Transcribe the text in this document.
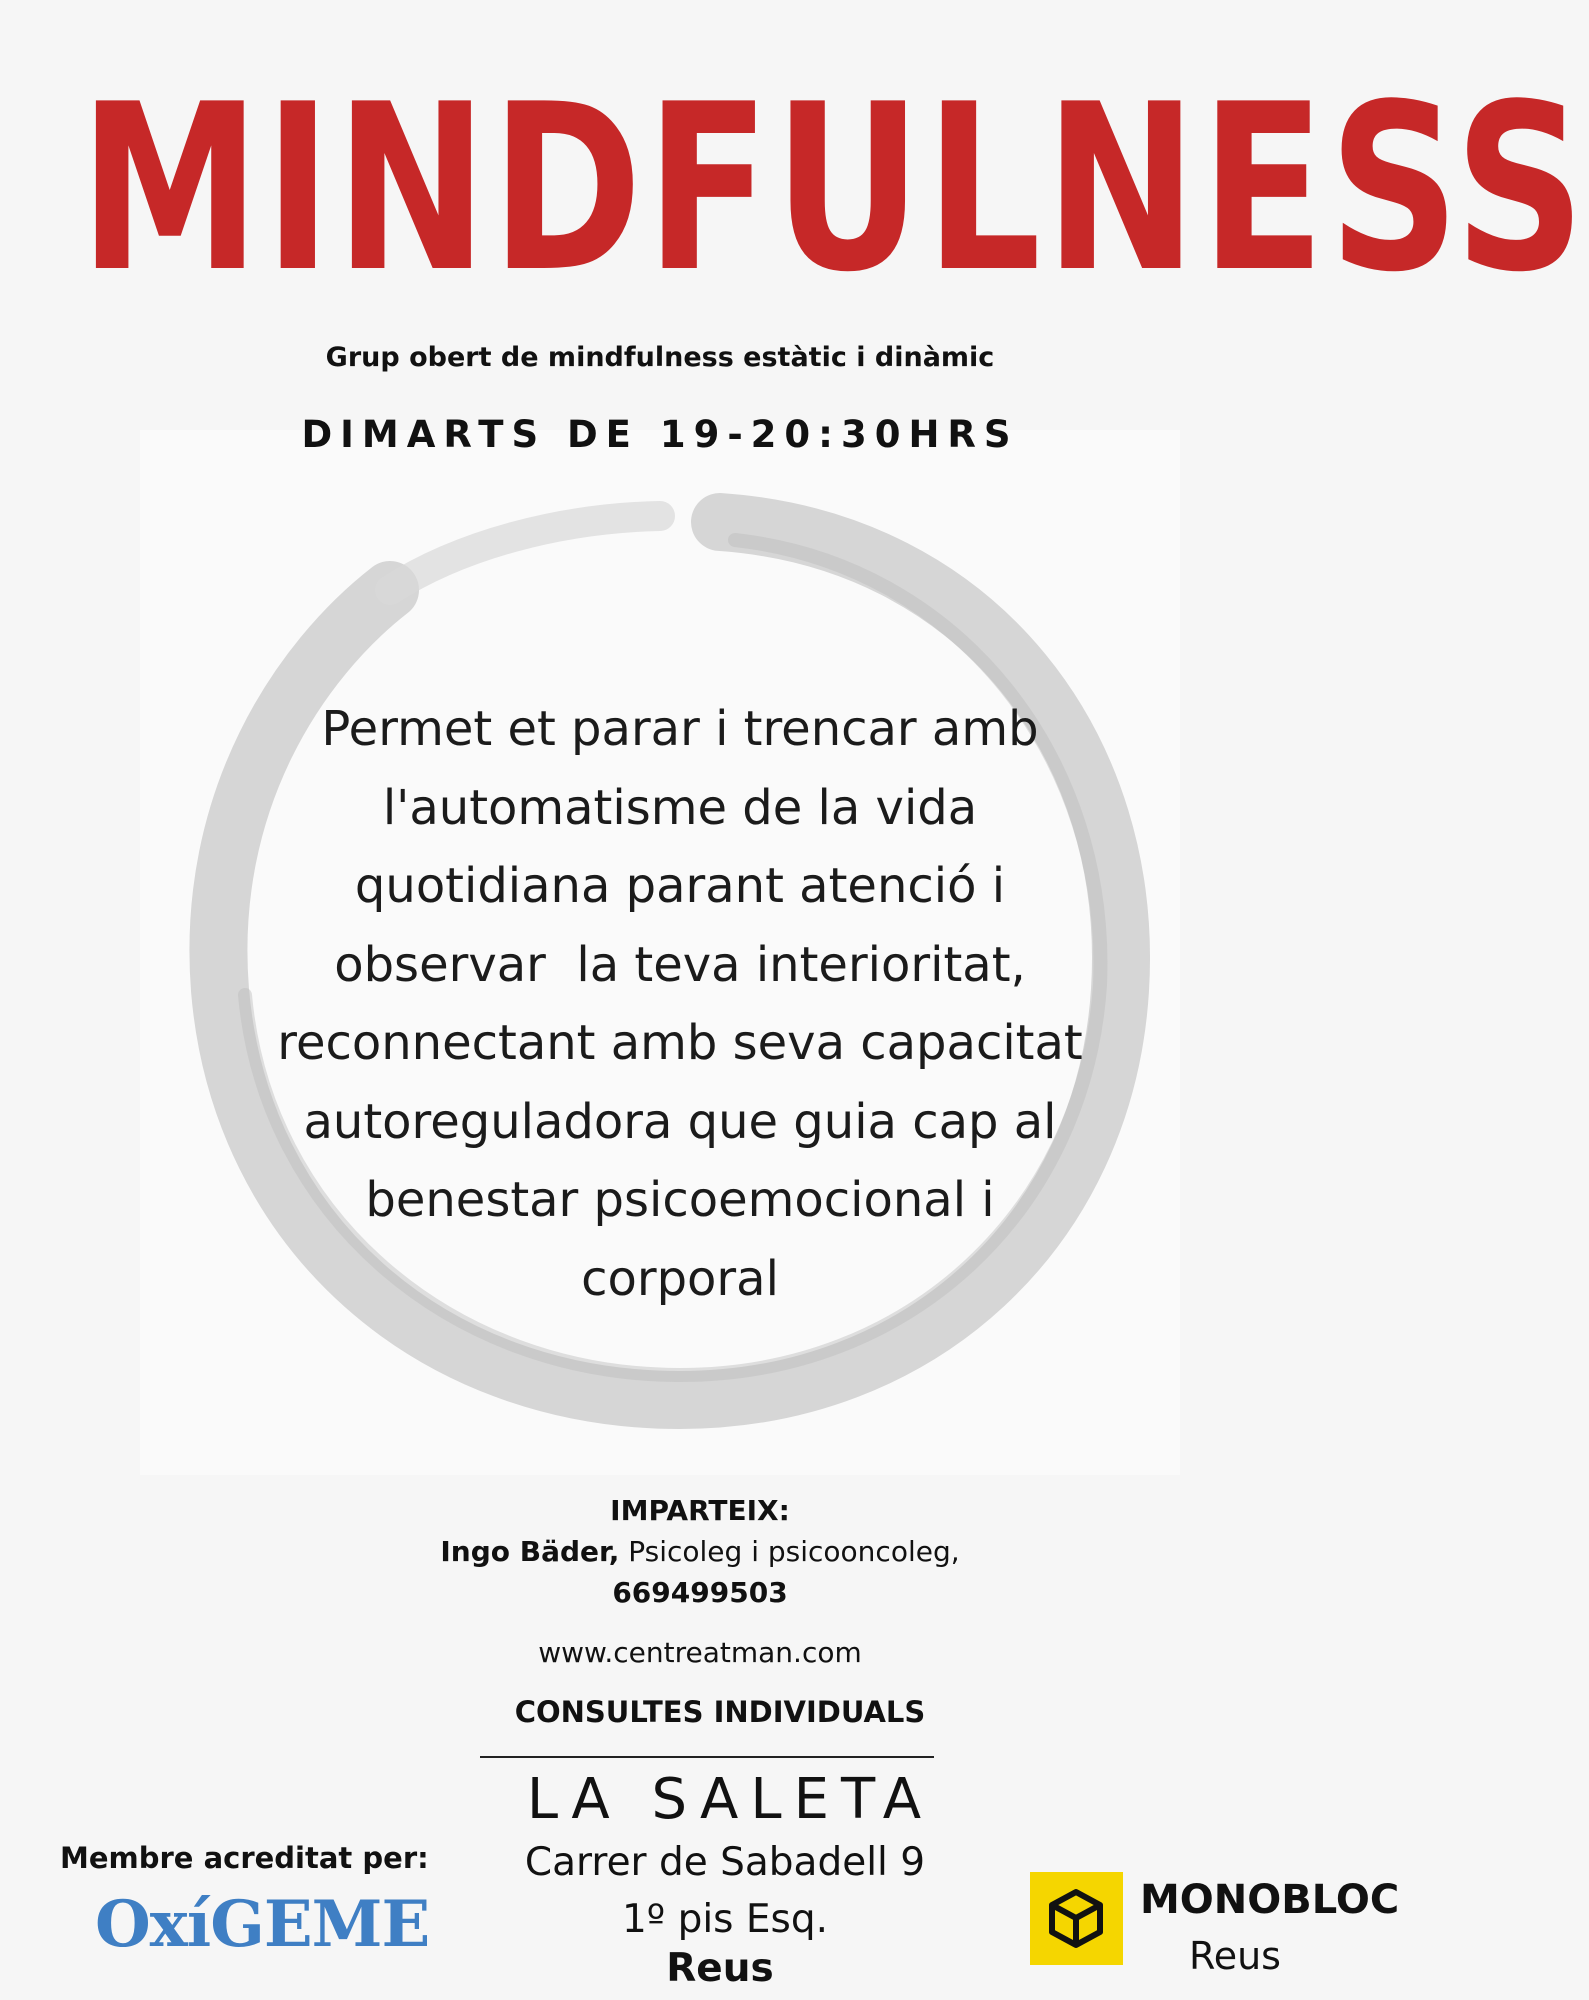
MINDFULNESS
Grup obert de mindfulness estàtic i dinàmic
DIMARTS DE 19-20:30HRS
Permet et parar i trencar amb
l'automatisme de la vida
quotidiana parant atenció i
observar  la teva interioritat,
reconnectant amb seva capacitat
autoreguladora que guia cap al
benestar psicoemocional i
corporal
IMPARTEIX:
Ingo Bäder, Psicoleg i psicooncoleg,
669499503
www.centreatman.com
CONSULTES INDIVIDUALS
LA SALETA
Carrer de Sabadell 9
1º pis Esq.
Reus
Membre acreditat per:
OxíGEME	MONOBLOC
Reus
